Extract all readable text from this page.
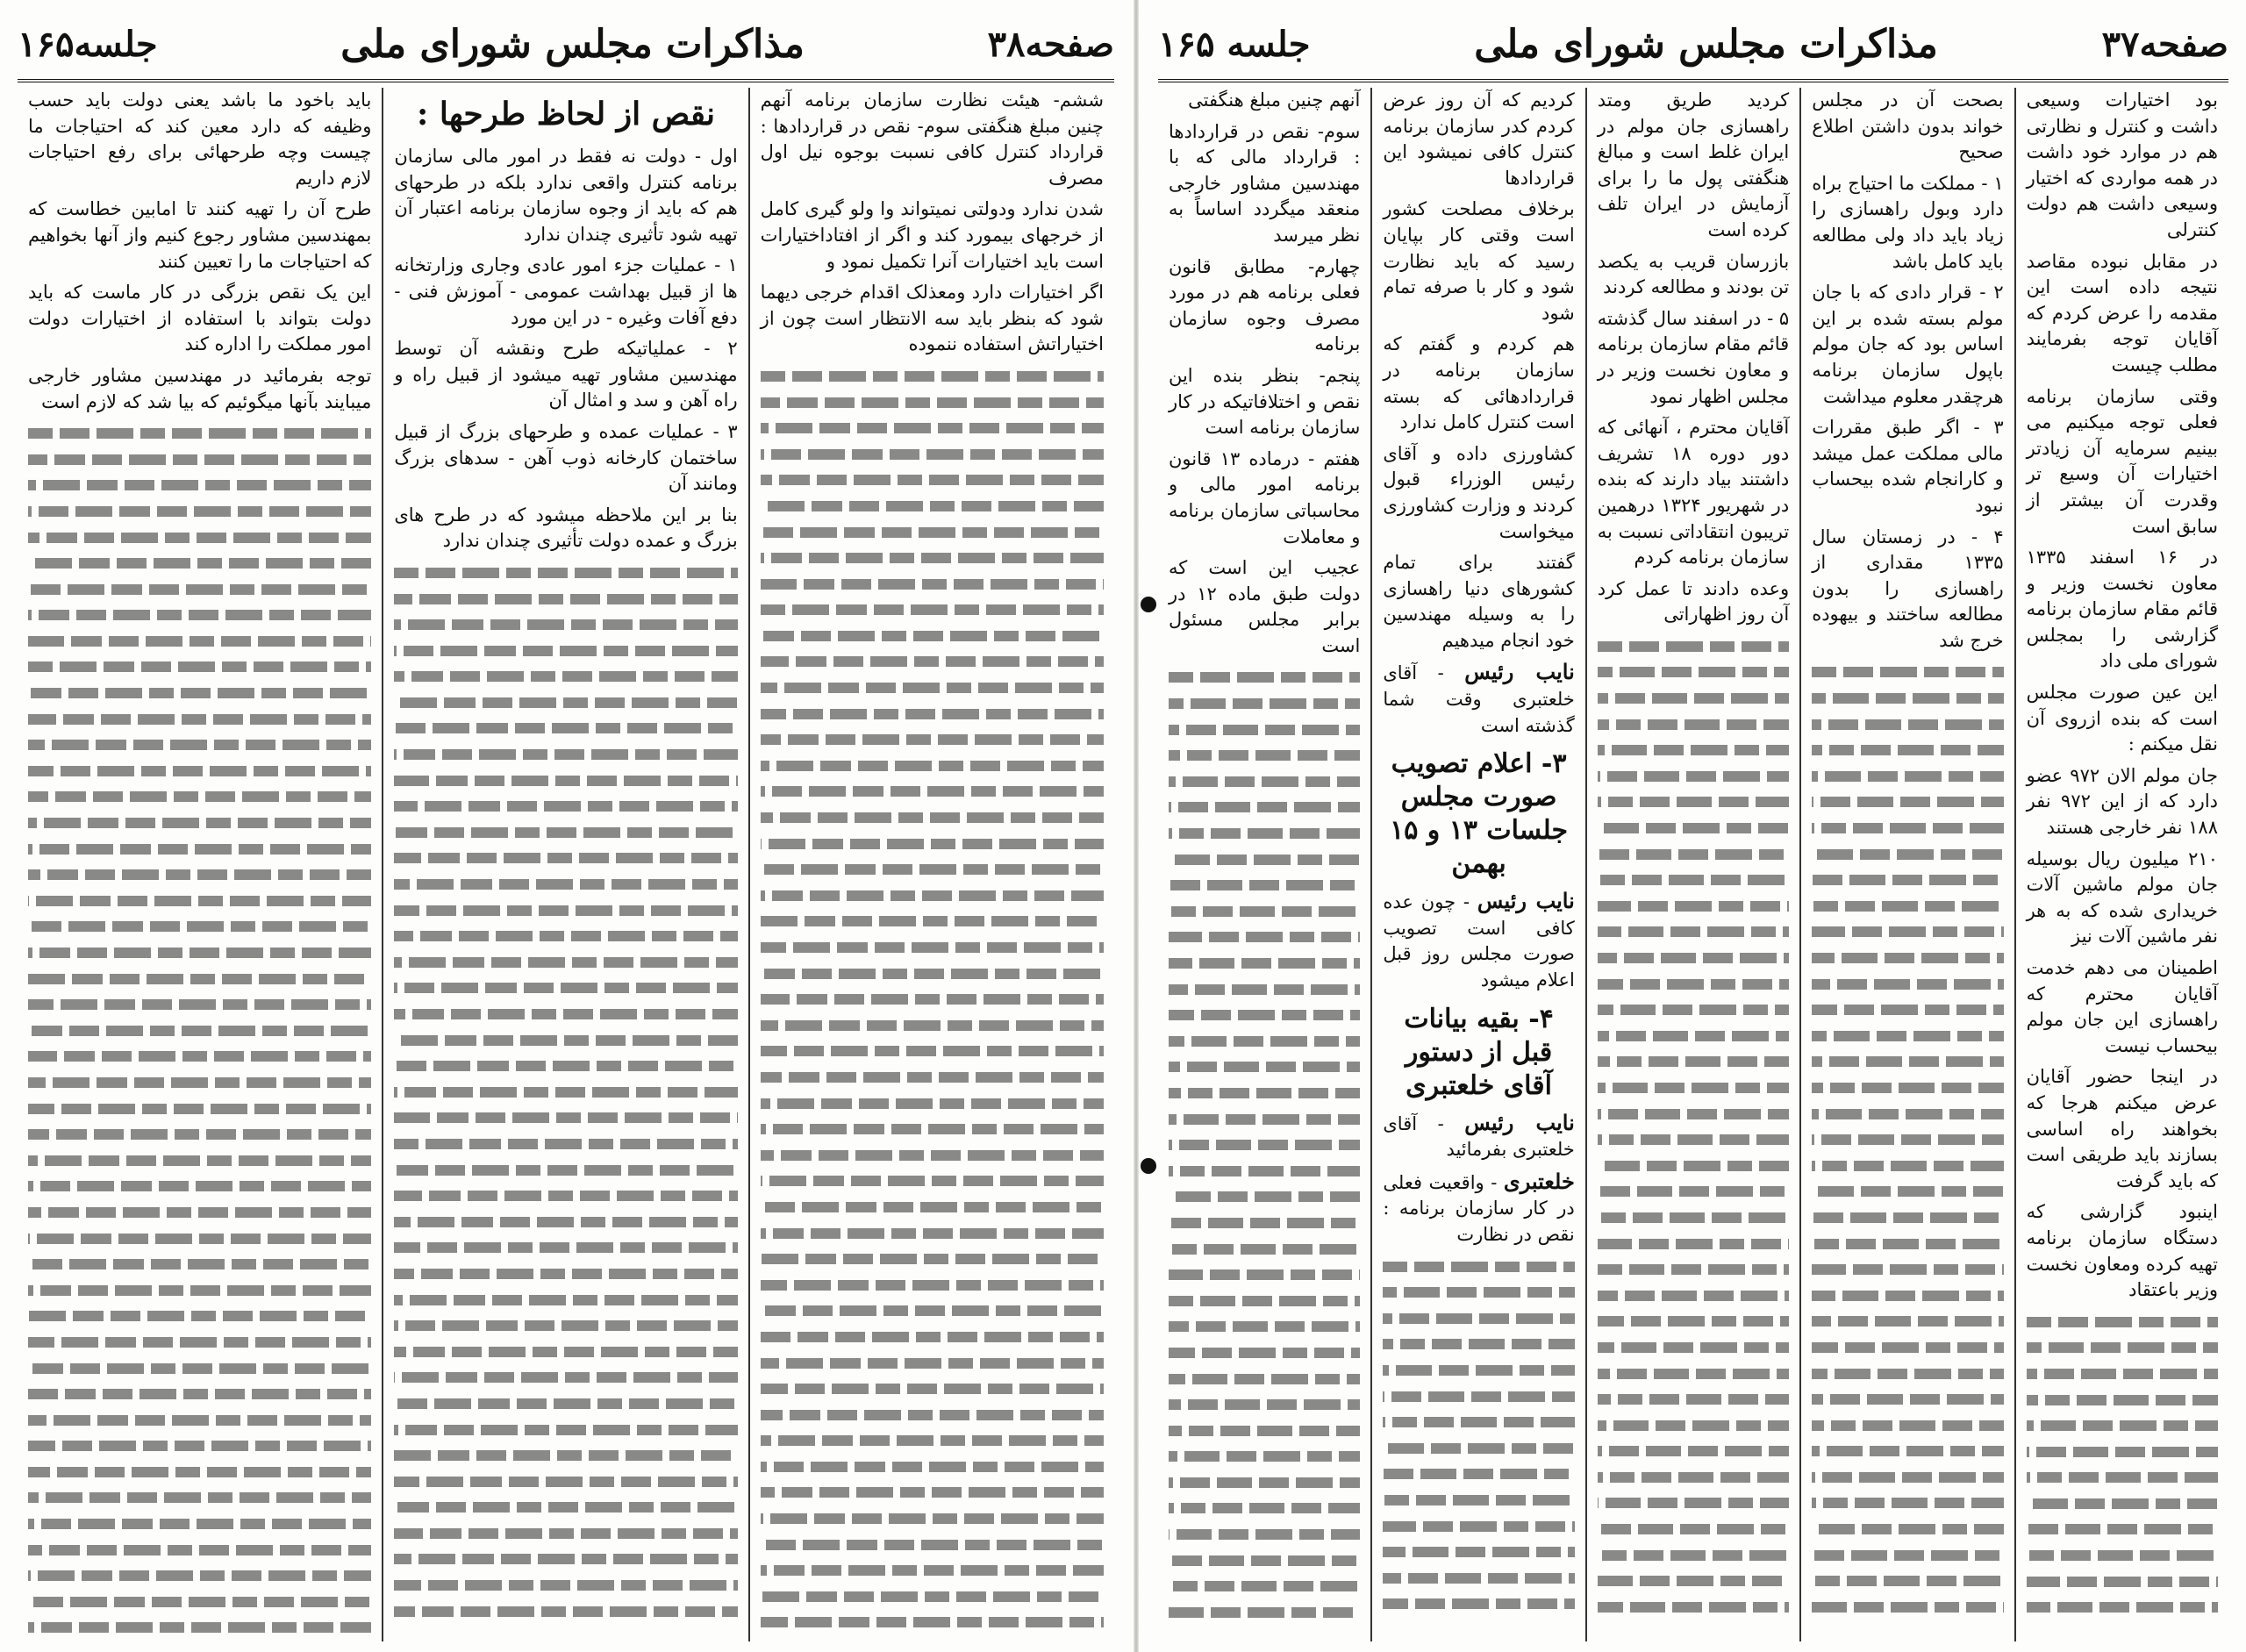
صفحه۳۸
مذاکرات مجلس شورای ملی
جلسه۱۶۵

ششم- هیئت نظارت سازمان برنامه آنهم چنین مبلغ هنگفتی سوم- نقص در قراردادها : قرارداد کنترل کافی نسبت بوجوه نیل اول مصرف

شدن ندارد ودولتی نمیتواند وا ولو گیری کامل از خرجهای بیمورد کند و اگر از افتاداختیارات است باید اختیارات آنرا تکمیل نمود و

اگر اختیارات دارد ومعذلک اقدام خرجی دیهما شود که بنظر باید سه الانتظار است چون از اختیاراتش استفاده ننموده

نقص از لحاظ طرحها :

اول - دولت نه فقط در امور مالی سازمان برنامه کنترل واقعی ندارد بلکه در طرحهای هم که باید از وجوه سازمان برنامه اعتبار آن تهیه شود تأثیری چندان ندارد

۱ - عملیات جزء امور عادی وجاری وزارتخانه ها از قبیل بهداشت عمومی - آموزش فنی - دفع آفات وغیره - در این مورد

۲ - عملیاتیکه طرح ونقشه آن توسط مهندسین مشاور تهیه میشود از قبیل راه و راه آهن و سد و امثال آن

۳ - عملیات عمده و طرحهای بزرگ از قبیل ساختمان کارخانه ذوب آهن - سدهای بزرگ ومانند آن

بنا بر این ملاحظه میشود که در طرح های بزرگ و عمده دولت تأثیری چندان ندارد

باید باخود ما باشد یعنی دولت باید حسب وظیفه که دارد معین کند که احتیاجات ما چیست وچه طرحهائی برای رفع احتیاجات لازم داریم

طرح آن را تهیه کنند تا امابین خطاست که بمهندسین مشاور رجوع کنیم واز آنها بخواهیم که احتیاجات ما را تعیین کنند

این یک نقص بزرگی در کار ماست که باید دولت بتواند با استفاده از اختیارات دولت امور مملکت را اداره کند

توجه بفرمائید در مهندسین مشاور خارجی میبایند بآنها میگوئیم که بیا شد که لازم است

صفحه۳۷
مذاکرات مجلس شورای ملی
جلسه ۱۶۵

بود اختیارات وسیعی داشت و کنترل و نظارتی هم در موارد خود داشت در همه مواردی که اختیار وسیعی داشت هم دولت کنترلی

در مقابل نبوده مقاصد نتیجه داده است این مقدمه را عرض کردم که آقایان توجه بفرمایند مطلب چیست

وقتی سازمان برنامه فعلی توجه میکنیم می بینیم سرمایه آن زیادتر اختیارات آن وسیع تر وقدرت آن بیشتر از سابق است

در ۱۶ اسفند ۱۳۳۵ معاون نخست وزیر و قائم مقام سازمان برنامه گزارشی را بمجلس شورای ملی داد

این عین صورت مجلس است که بنده ازروی آن نقل میکنم :

جان مولم الان ۹۷۲ عضو دارد که از این ۹۷۲ نفر ۱۸۸ نفر خارجی هستند

۲۱۰ میلیون ریال بوسیله جان مولم ماشین آلات خریداری شده که به هر نفر ماشین آلات نیز

اطمینان می دهم خدمت آقایان محترم که راهسازی این جان مولم بیحساب نیست

در اینجا حضور آقایان عرض میکنم هرجا که بخواهند راه اساسی بسازند باید طریقی است که باید گرفت

اینبود گزارشی که دستگاه سازمان برنامه تهیه کرده ومعاون نخست وزیر باعتقاد

بصحت آن در مجلس خواند بدون داشتن اطلاع صحیح

۱ - مملکت ما احتیاج براه دارد وبول راهسازی را زیاد باید داد ولی مطالعه باید کامل باشد

۲ - قرار دادی که با جان مولم بسته شده بر این اساس بود که جان مولم باپول سازمان برنامه هرچقدر معلوم میداشت

۳ - اگر طبق مقررات مالی مملکت عمل میشد و کارانجام شده بیحساب نبود

۴ - در زمستان سال ۱۳۳۵ مقداری از راهسازی را بدون مطالعه ساختند و بیهوده خرج شد

کردید طریق ومتد راهسازی جان مولم در ایران غلط است و مبالغ هنگفتی پول ما را برای آزمایش در ایران تلف کرده است

بازرسان قریب به یکصد تن بودند و مطالعه کردند

۵ - در اسفند سال گذشته قائم مقام سازمان برنامه و معاون نخست وزیر در مجلس اظهار نمود

آقایان محترم ، آنهائی که دور دوره ۱۸ تشریف داشتند بیاد دارند که بنده در شهریور ۱۳۲۴ درهمین تریبون انتقاداتی نسبت به سازمان برنامه کردم

وعده دادند تا عمل کرد آن روز اظهاراتی

کردیم که آن روز عرض کردم کدر سازمان برنامه کنترل کافی نمیشود این قراردادها

برخلاف مصلحت کشور است وقتی کار بپایان رسید که باید نظارت شود و کار با صرفه تمام شود

هم کردم و گفتم که سازمان برنامه در قراردادهائی که بسته است کنترل کامل ندارد

کشاورزی داده و آقای رئیس الوزراء قبول کردند و وزارت کشاورزی میخواست

گفتند برای تمام کشورهای دنیا راهسازی را به وسیله مهندسین خود انجام میدهیم

نایب رئیس - آقای خلعتبری وقت شما گذشته است

۳- اعلام تصویب صورت مجلس جلسات ۱۳ و ۱۵ بهمن

نایب رئیس - چون عده کافی است تصویب صورت مجلس روز قبل اعلام میشود

۴- بقیه بیانات قبل از دستور آقای خلعتبری

نایب رئیس - آقای خلعتبری بفرمائید

خلعتبری - واقعیت فعلی در کار سازمان برنامه : نقص در نظارت

آنهم چنین مبلغ هنگفتی

سوم- نقص در قراردادها : قرارداد مالی که با مهندسین مشاور خارجی منعقد میگردد اساساً به نظر میرسد

چهارم- مطابق قانون فعلی برنامه هم در مورد مصرف وجوه سازمان برنامه

پنجم- بنظر بنده این نقص و اختلافاتیکه در کار سازمان برنامه است

هفتم - درماده ۱۳ قانون برنامه امور مالی و محاسباتی سازمان برنامه و معاملات

عجیب این است که دولت طبق ماده ۱۲ در برابر مجلس مسئول است
